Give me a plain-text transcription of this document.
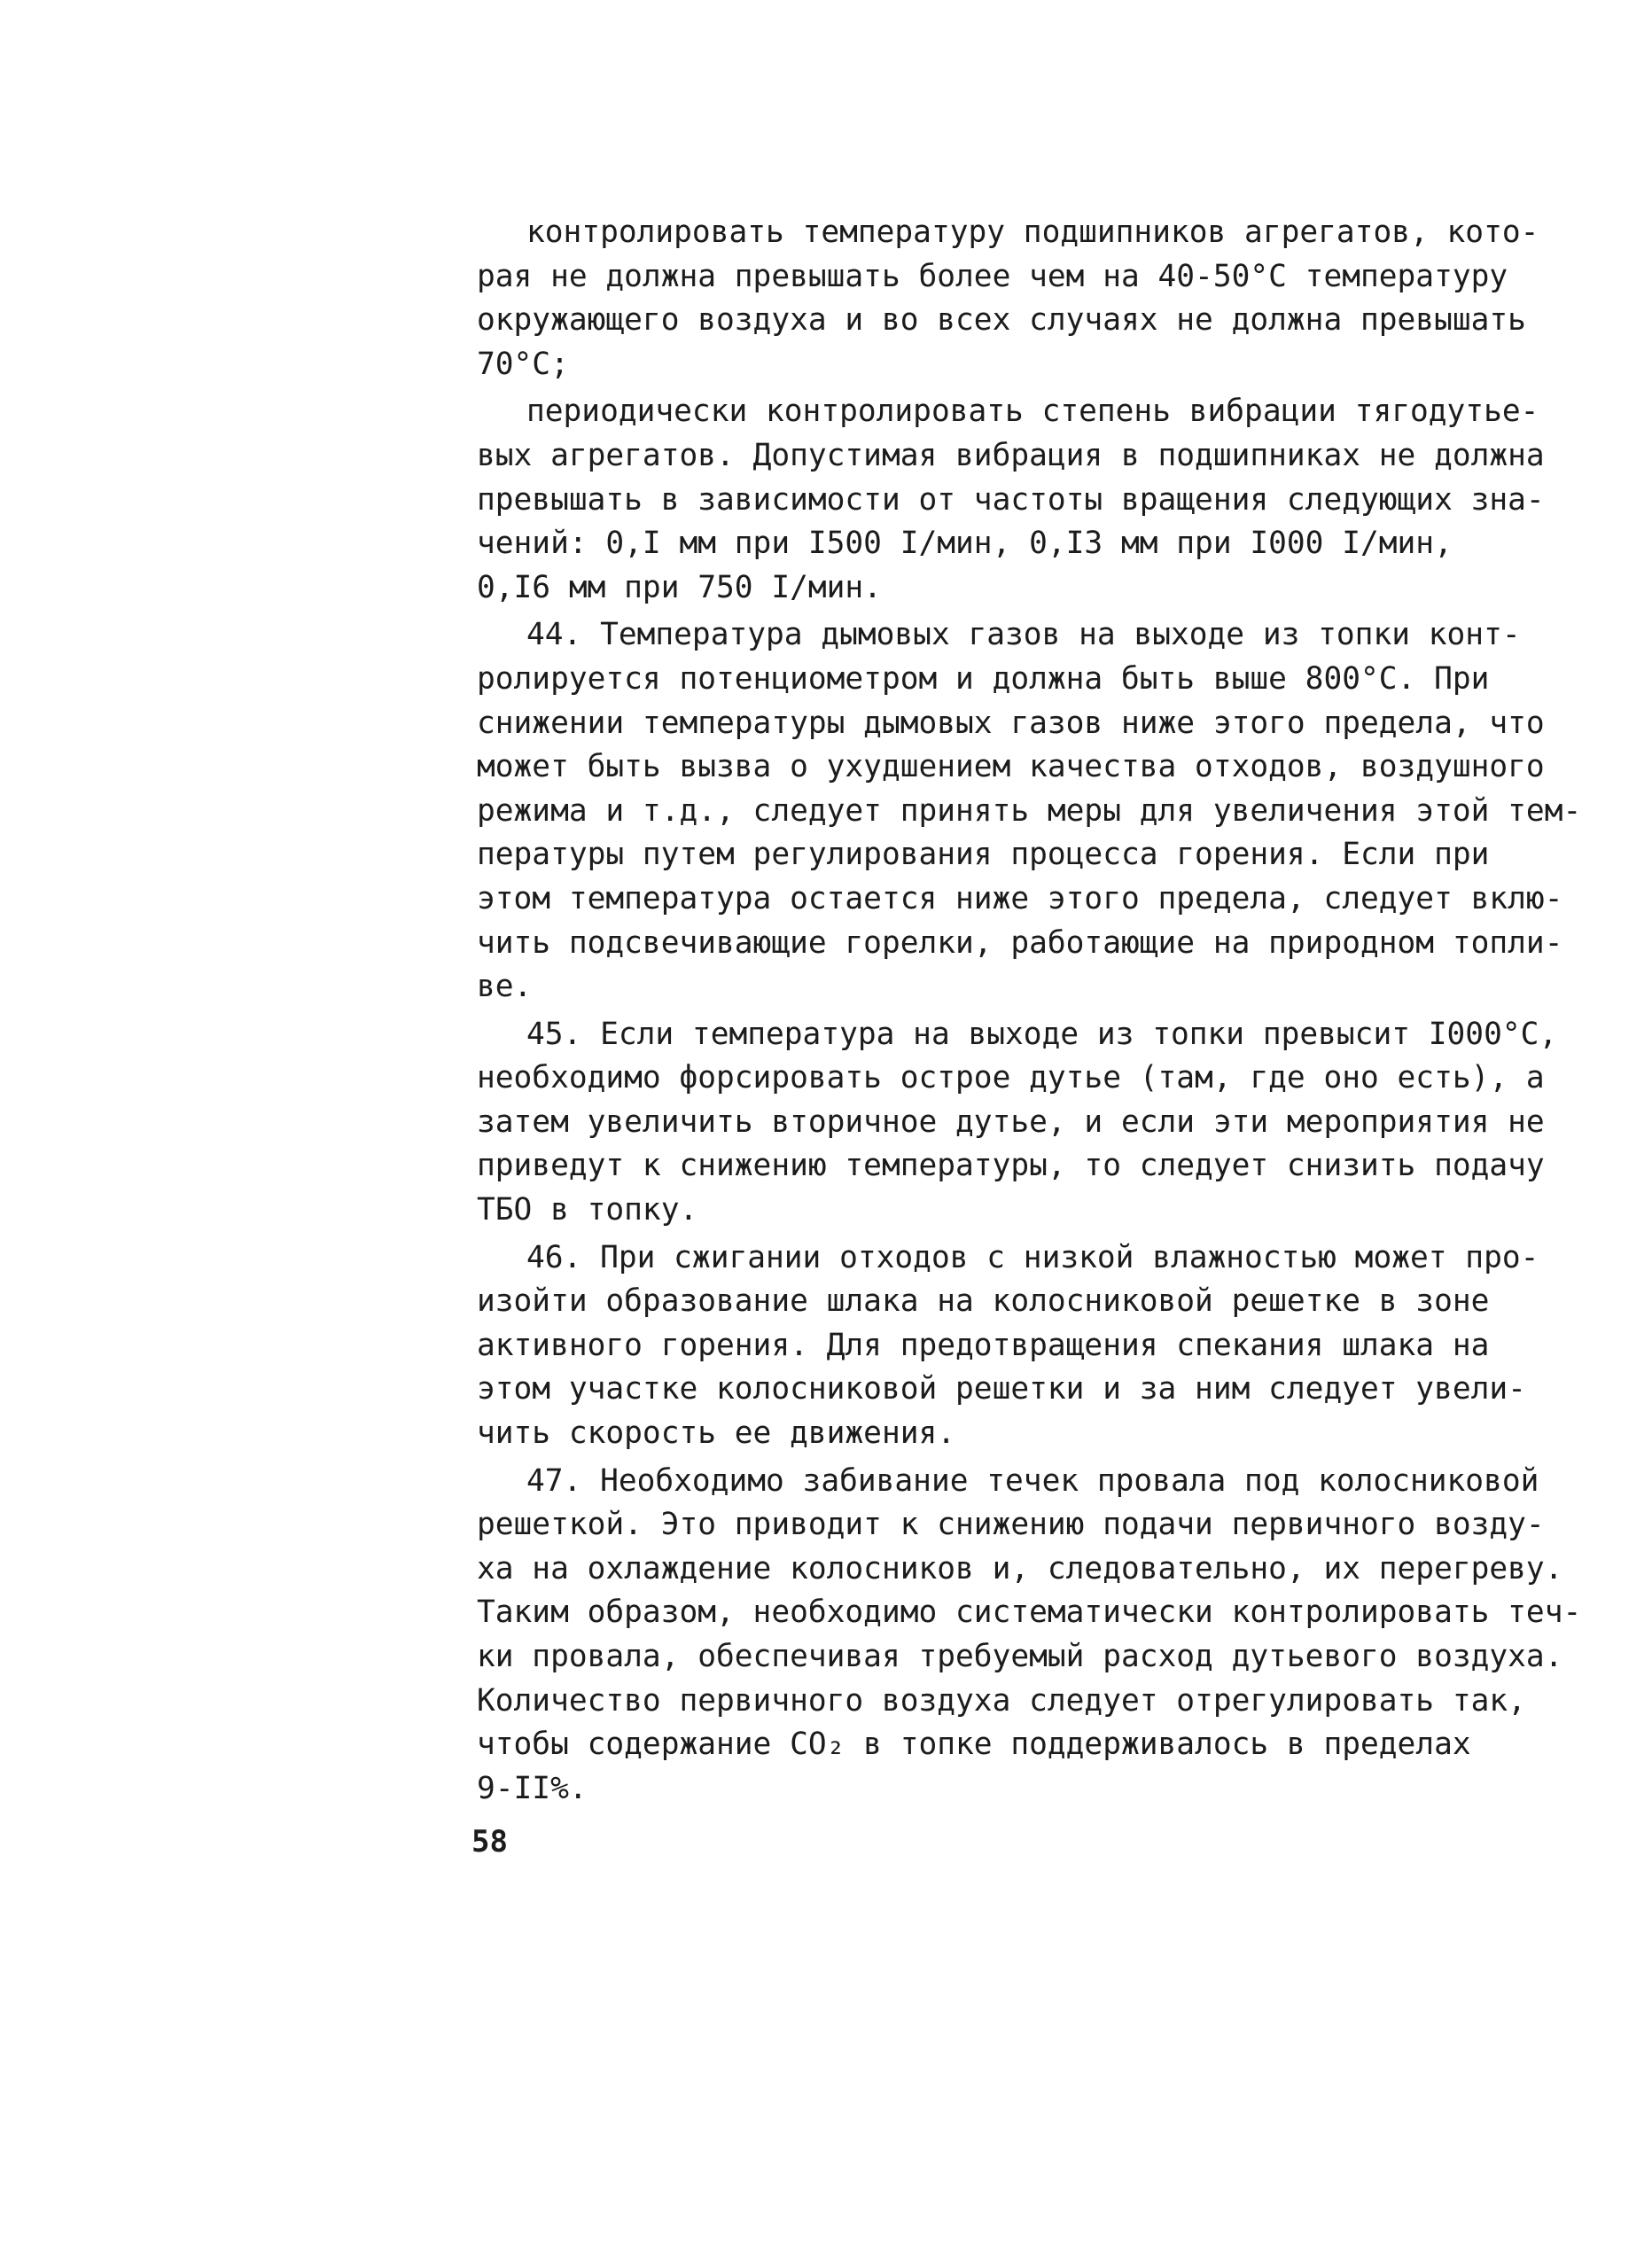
контролировать температуру подшипников агрегатов, кото-
рая не должна превышать более чем на 40-50°C температуру
окружающего воздуха и во всех случаях не должна превышать
70°C;
периодически контролировать степень вибрации тягодутье-
вых агрегатов. Допустимая вибрация в подшипниках не должна
превышать в зависимости от частоты вращения следующих зна-
чений: 0,I мм при I500 I/мин, 0,I3 мм при I000 I/мин,
0,I6 мм при 750 I/мин.
44. Температура дымовых газов на выходе из топки конт-
ролируется потенциометром и должна быть выше 800°C. При
снижении температуры дымовых газов ниже этого предела, что
может быть вызва о ухудшением качества отходов, воздушного
режима и т.д., следует принять меры для увеличения этой тем-
пературы путем регулирования процесса горения. Если при
этом температура остается ниже этого предела, следует вклю-
чить подсвечивающие горелки, работающие на природном топли-
ве.
45. Если температура на выходе из топки превысит I000°C,
необходимо форсировать острое дутье (там, где оно есть), а
затем увеличить вторичное дутье, и если эти мероприятия не
приведут к снижению температуры, то следует снизить подачу
ТБО в топку.
46. При сжигании отходов с низкой влажностью может про-
изойти образование шлака на колосниковой решетке в зоне
активного горения. Для предотвращения спекания шлака на
этом участке колосниковой решетки и за ним следует увели-
чить скорость ее движения.
47. Необходимо забивание течек провала под колосниковой
решеткой. Это приводит к снижению подачи первичного возду-
ха на охлаждение колосников и, следовательно, их перегреву.
Таким образом, необходимо систематически контролировать теч-
ки провала, обеспечивая требуемый расход дутьевого воздуха.
Количество первичного воздуха следует отрегулировать так,
чтобы содержание CO₂ в топке поддерживалось в пределах
9-II%.
58
